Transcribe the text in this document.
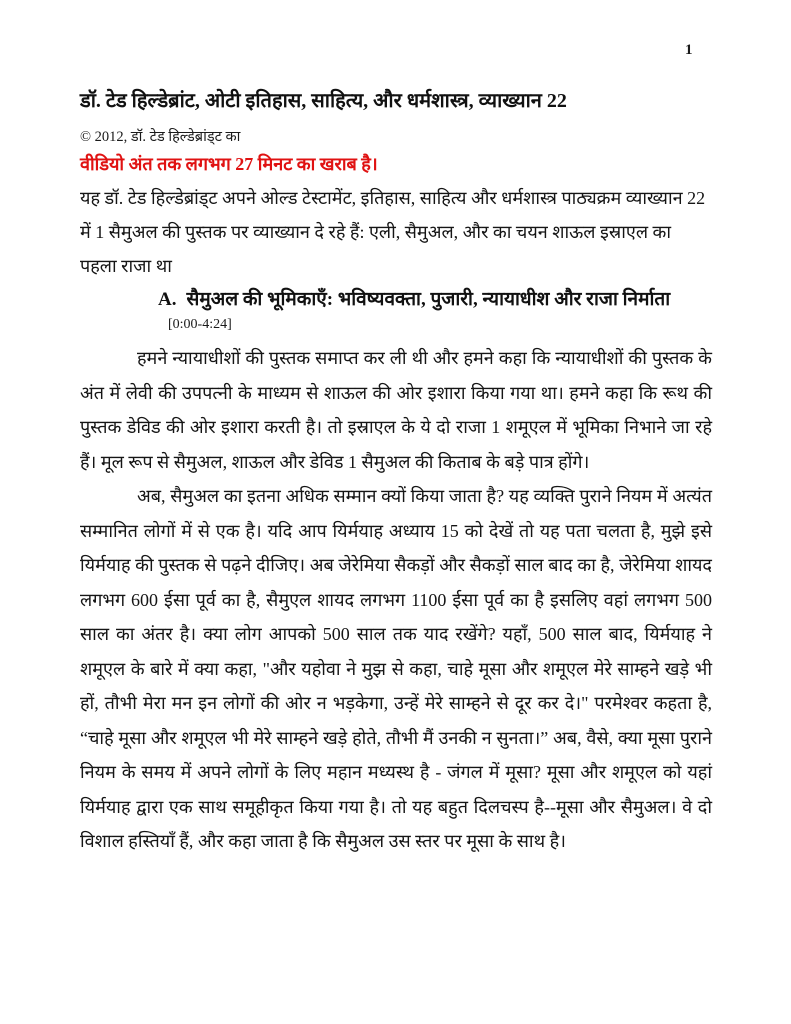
1
डॉ. टेड हिल्डेब्रांट, ओटी इतिहास, साहित्य, और धर्मशास्त्र, व्याख्यान 22
© 2012, डॉ. टेड हिल्डेब्रांड्ट का
वीडियो अंत तक लगभग 27 मिनट का खराब है।

यह डॉ. टेड हिल्डेब्रांड्ट अपने ओल्ड टेस्टामेंट, इतिहास, साहित्य और धर्मशास्त्र पाठ्यक्रम व्याख्यान 22 में 1 सैमुअल की पुस्तक पर व्याख्यान दे रहे हैं: एली, सैमुअल, और का चयन शाऊल इस्राएल का पहला राजा था

A. सैमुअल की भूमिकाएँ: भविष्यवक्ता, पुजारी, न्यायाधीश और राजा निर्माता
[0:00-4:24]

हमने न्यायाधीशों की पुस्तक समाप्त कर ली थी और हमने कहा कि न्यायाधीशों की पुस्तक के अंत में लेवी की उपपत्नी के माध्यम से शाऊल की ओर इशारा किया गया था। हमने कहा कि रूथ की पुस्तक डेविड की ओर इशारा करती है। तो इस्राएल के ये दो राजा 1 शमूएल में भूमिका निभाने जा रहे हैं। मूल रूप से सैमुअल, शाऊल और डेविड 1 सैमुअल की किताब के बड़े पात्र होंगे।

अब, सैमुअल का इतना अधिक सम्मान क्यों किया जाता है? यह व्यक्ति पुराने नियम में अत्यंत सम्मानित लोगों में से एक है। यदि आप यिर्मयाह अध्याय 15 को देखें तो यह पता चलता है, मुझे इसे यिर्मयाह की पुस्तक से पढ़ने दीजिए। अब जेरेमिया सैकड़ों और सैकड़ों साल बाद का है, जेरेमिया शायद लगभग 600 ईसा पूर्व का है, सैमुएल शायद लगभग 1100 ईसा पूर्व का है इसलिए वहां लगभग 500 साल का अंतर है। क्या लोग आपको 500 साल तक याद रखेंगे? यहाँ, 500 साल बाद, यिर्मयाह ने शमूएल के बारे में क्या कहा, "और यहोवा ने मुझ से कहा, चाहे मूसा और शमूएल मेरे साम्हने खड़े भी हों, तौभी मेरा मन इन लोगों की ओर न भड़केगा, उन्हें मेरे साम्हने से दूर कर दे।" परमेश्वर कहता है, “चाहे मूसा और शमूएल भी मेरे साम्हने खड़े होते, तौभी मैं उनकी न सुनता।” अब, वैसे, क्या मूसा पुराने नियम के समय में अपने लोगों के लिए महान मध्यस्थ है - जंगल में मूसा? मूसा और शमूएल को यहां यिर्मयाह द्वारा एक साथ समूहीकृत किया गया है। तो यह बहुत दिलचस्प है--मूसा और सैमुअल। वे दो विशाल हस्तियाँ हैं, और कहा जाता है कि सैमुअल उस स्तर पर मूसा के साथ है।
